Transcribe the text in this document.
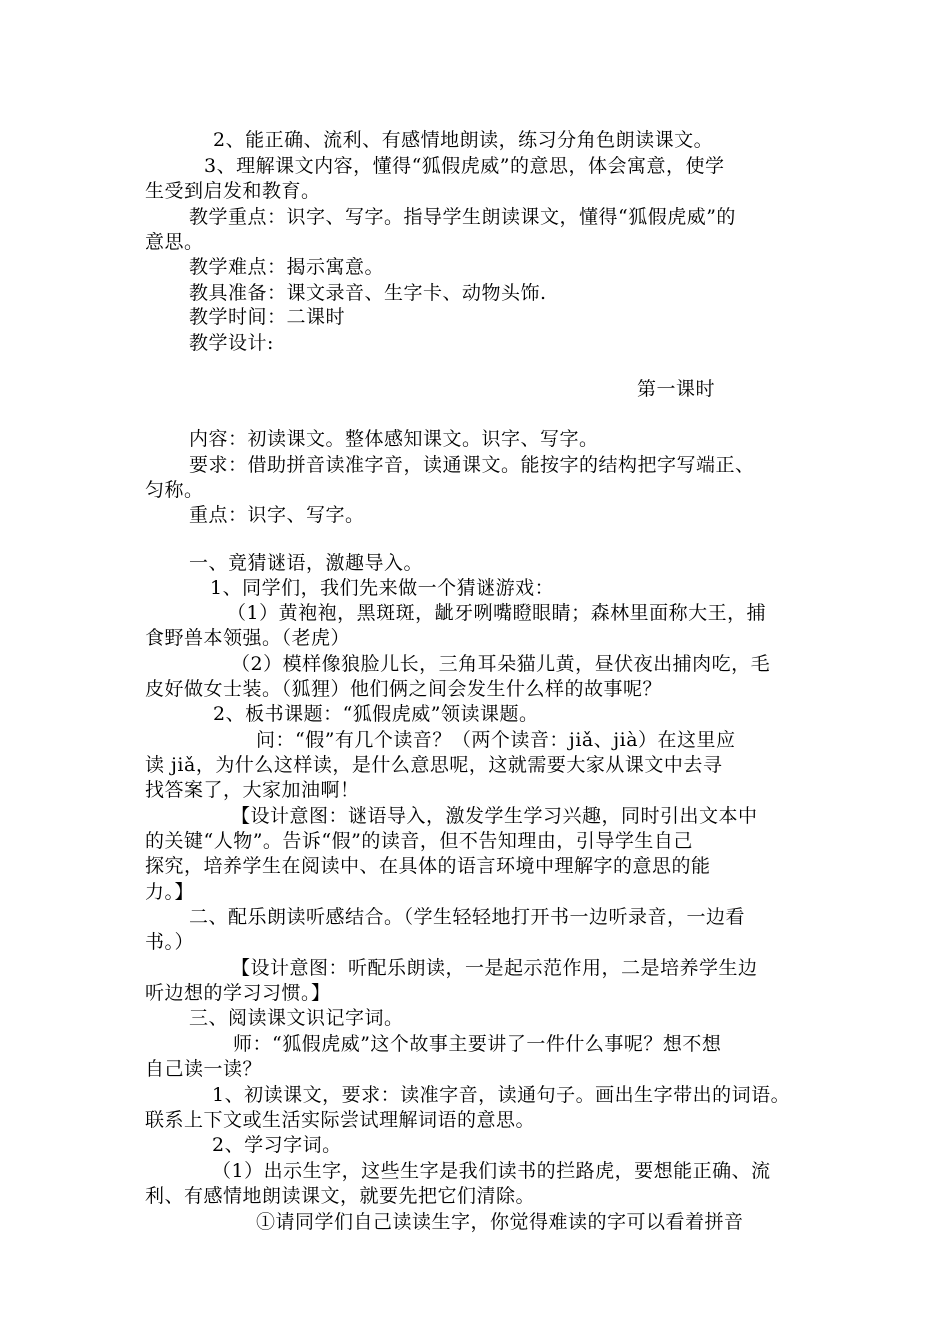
2、能正确、流利、有感情地朗读，练习分角色朗读课文。
3、理解课文内容，懂得“狐假虎威”的意思，体会寓意，使学
生受到启发和教育。
教学重点：识字、写字。指导学生朗读课文，懂得“狐假虎威”的
意思。
教学难点：揭示寓意。
教具准备：课文录音、生字卡、动物头饰.
教学时间：二课时
教学设计:
第一课时
内容：初读课文。整体感知课文。识字、写字。
要求：借助拼音读准字音，读通课文。能按字的结构把字写端正、
匀称。
重点：识字、写字。
一、竟猜谜语，激趣导入。
1、同学们，我们先来做一个猜谜游戏：
（1）黄袍袍，黑斑斑，龇牙咧嘴瞪眼睛；森林里面称大王，捕
食野兽本领强。（老虎）
（2）模样像狼脸儿长，三角耳朵猫儿黄，昼伏夜出捕肉吃，毛
皮好做女士装。（狐狸）他们俩之间会发生什么样的故事呢？
2、板书课题：“狐假虎威”领读课题。
问：“假”有几个读音？（两个读音：jiǎ、jià）在这里应
读 jiǎ，为什么这样读，是什么意思呢，这就需要大家从课文中去寻
找答案了，大家加油啊！
【设计意图：谜语导入，激发学生学习兴趣，同时引出文本中
的关键“人物”。告诉“假”的读音，但不告知理由，引导学生自己
探究，培养学生在阅读中、在具体的语言环境中理解字的意思的能
力。】
二、配乐朗读听感结合。（学生轻轻地打开书一边听录音，一边看
书。）
【设计意图：听配乐朗读，一是起示范作用，二是培养学生边
听边想的学习习惯。】
三、阅读课文识记字词。
师：“狐假虎威”这个故事主要讲了一件什么事呢？想不想
自己读一读？
1、初读课文，要求：读准字音，读通句子。画出生字带出的词语。
联系上下文或生活实际尝试理解词语的意思。
2、学习字词。
（1）出示生字，这些生字是我们读书的拦路虎，要想能正确、流
利、有感情地朗读课文，就要先把它们清除。
①请同学们自己读读生字，你觉得难读的字可以看着拼音
